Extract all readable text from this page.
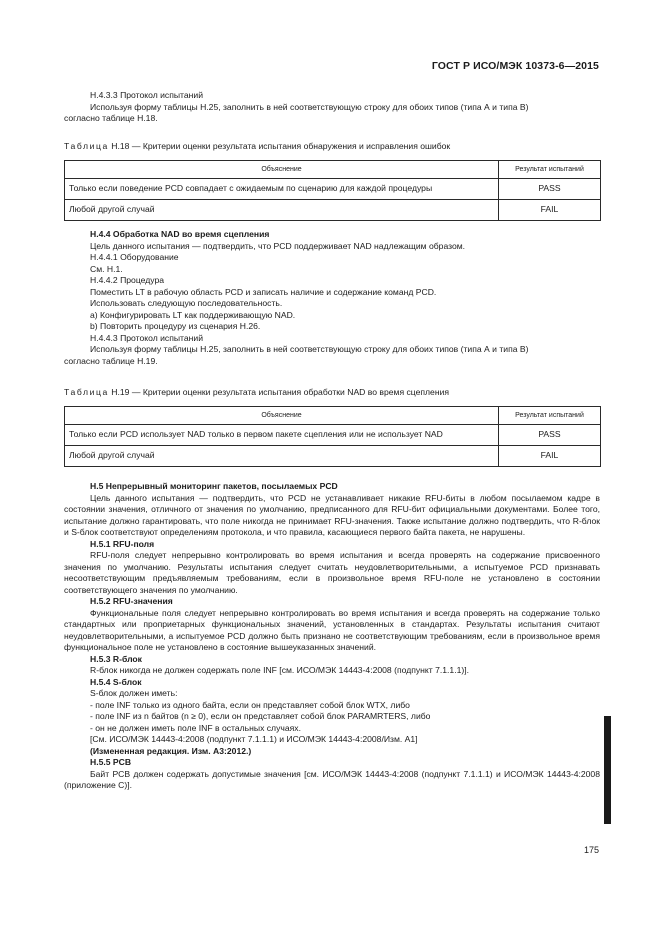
ГОСТ Р ИСО/МЭК 10373-6—2015

Н.4.3.3 Протокол испытаний

Используя форму таблицы Н.25, заполнить в ней соответствующую строку для обоих типов (типа А и типа В)

согласно таблице Н.18.

Таблица Н.18 — Критерии оценки результата испытания обнаружения и исправления ошибок
Объяснение	Результат испытаний
Только если поведение PCD совпадает с ожидаемым по сценарию для каждой процедуры	PASS
Любой другой случай	FAIL

Н.4.4 Обработка NAD во время сцепления

Цель данного испытания — подтвердить, что PCD поддерживает NAD надлежащим образом.

Н.4.4.1 Оборудование

См. Н.1.

Н.4.4.2 Процедура

Поместить LT в рабочую область PCD и записать наличие и содержание команд PCD.

Использовать следующую последовательность.

а) Конфигурировать LT как поддерживающую NAD.

b) Повторить процедуру из сценария Н.26.

Н.4.4.3 Протокол испытаний

Используя форму таблицы Н.25, заполнить в ней соответствующую строку для обоих типов (типа А и типа В)

согласно таблице Н.19.

Таблица Н.19 — Критерии оценки результата испытания обработки NAD во время сцепления
Объяснение	Результат испытаний
Только если PCD использует NAD только в первом пакете сцепления или не использует NAD	PASS
Любой другой случай	FAIL

Н.5 Непрерывный мониторинг пакетов, посылаемых PCD

Цель данного испытания — подтвердить, что PCD не устанавливает никакие RFU-биты в любом посылаемом кадре в состоянии значения, отличного от значения по умолчанию, предписанного для RFU-бит официальными документами. Более того, испытание должно гарантировать, что поле никогда не принимает RFU-значения. Также испытание должно подтвердить, что R-блок и S-блок соответствуют определениям протокола, и что правила, касающиеся первого байта пакета, не нарушены.

Н.5.1 RFU-поля

RFU-поля следует непрерывно контролировать во время испытания и всегда проверять на содержание присвоенного значения по умолчанию. Результаты испытания следует считать неудовлетворительными, а испытуемое PCD признавать несоответствующим предъявляемым требованиям, если в произвольное время RFU-поле не установлено в состоянии соответствующего значения по умолчанию.

Н.5.2 RFU-значения

Функциональные поля следует непрерывно контролировать во время испытания и всегда проверять на содержание только стандартных или проприетарных функциональных значений, установленных в стандартах. Результаты испытания считают неудовлетворительными, а испытуемое PCD должно быть признано не соответствующим требованиям, если в произвольное время функциональное поле не установлено в состояние вышеуказанных значений.

Н.5.3 R-блок

R-блок никогда не должен содержать поле INF [см. ИСО/МЭК 14443-4:2008 (подпункт 7.1.1.1)].

Н.5.4 S-блок

S-блок должен иметь:

- поле INF только из одного байта, если он представляет собой блок WTX, либо

- поле INF из n байтов (n ≥ 0), если он представляет собой блок PARAMRTERS, либо

- он не должен иметь поле INF в остальных случаях.

[См. ИСО/МЭК 14443-4:2008 (подпункт 7.1.1.1) и ИСО/МЭК 14443-4:2008/Изм. А1]

(Измененная редакция. Изм. А3:2012.)

Н.5.5 PCB

Байт PCB должен содержать допустимые значения [см. ИСО/МЭК 14443-4:2008 (подпункт 7.1.1.1) и ИСО/МЭК 14443-4:2008 (приложение С)].

175
